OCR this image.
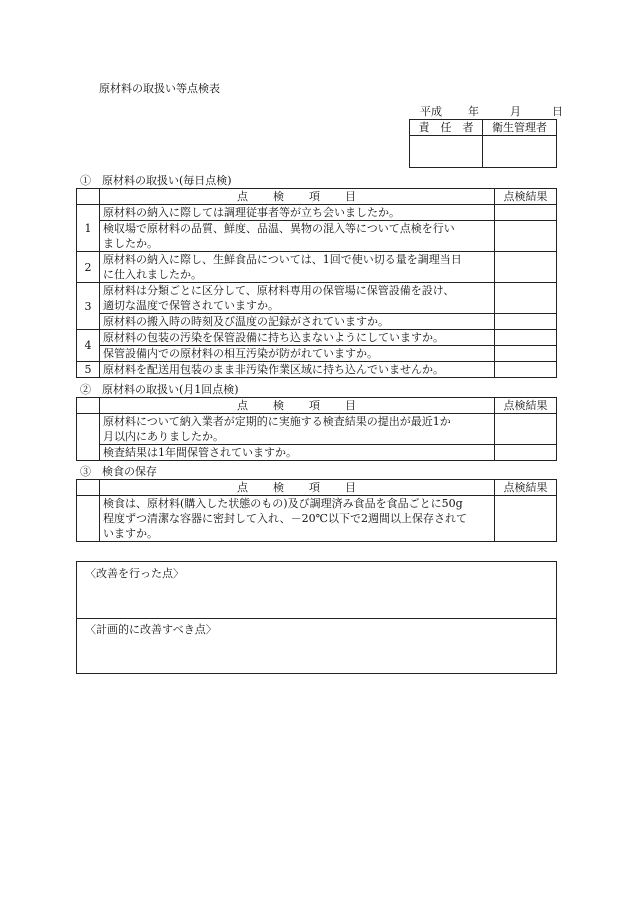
原材料の取扱い等点検表
平成 年	月	日
責　任　者	衛生管理者

①　原材料の取扱い(毎日点検)
	点　　検　　項　　目	点検結果
1	原材料の納入に際しては調理従事者等が立ち会いましたか。	
	検収場で原材料の品質、鮮度、品温、異物の混入等について点検を行い
ましたか。	
2	原材料の納入に際し、生鮮食品については、1回で使い切る量を調理当日
に仕入れましたか。	
3	原材料は分類ごとに区分して、原材料専用の保管場に保管設備を設け、
適切な温度で保管されていますか。	
	原材料の搬入時の時刻及び温度の記録がされていますか。	
4	原材料の包装の汚染を保管設備に持ち込まないようにしていますか。	
	保管設備内での原材料の相互汚染が防がれていますか。	
5	原材料を配送用包装のまま非汚染作業区域に持ち込んでいませんか。	
②　原材料の取扱い(月1回点検)
	点　　検　　項　　目	点検結果
	原材料について納入業者が定期的に実施する検査結果の提出が最近1か
月以内にありましたか。	
	検査結果は1年間保管されていますか。	
③　検食の保存
	点　　検　　項　　目	点検結果
	検食は、原材料(購入した状態のもの)及び調理済み食品を食品ごとに50g
程度ずつ清潔な容器に密封して入れ、－20℃以下で2週間以上保存されて
いますか。	
〈改善を行った点〉
〈計画的に改善すべき点〉
